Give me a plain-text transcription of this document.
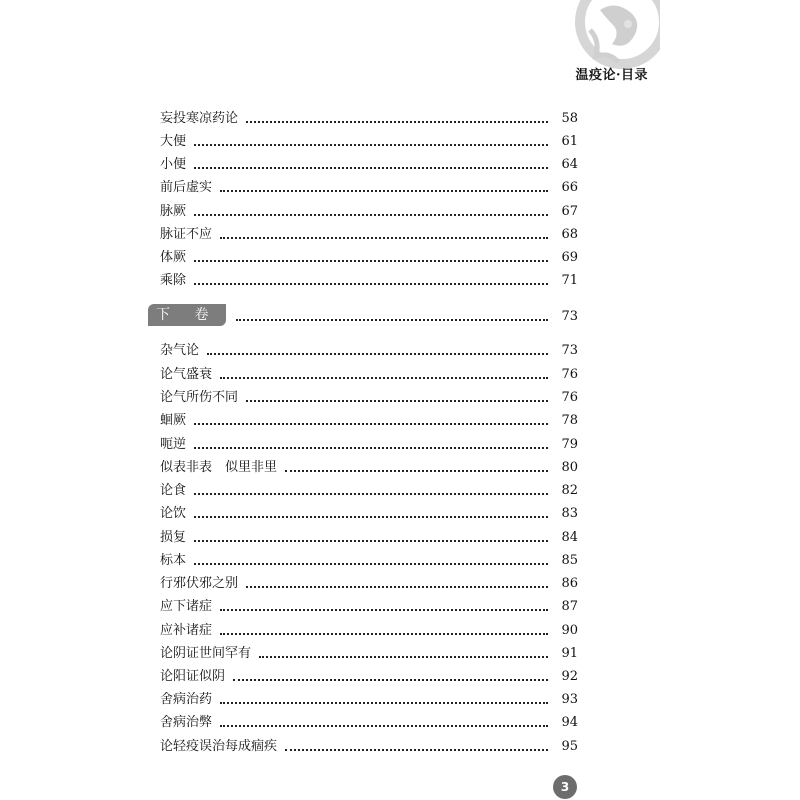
温疫论·目录
妄投寒凉药论	58
大便	61
小便	64
前后虚实	66
脉厥	67
脉证不应	68
体厥	69
乘除	71
下 卷	73
杂气论	73
论气盛衰	76
论气所伤不同	76
蛔厥	78
呃逆	79
似表非表　似里非里	80
论食	82
论饮	83
损复	84
标本	85
行邪伏邪之别	86
应下诸症	87
应补诸症	90
论阴证世间罕有	91
论阳证似阴	92
舍病治药	93
舍病治弊	94
论轻疫误治每成痼疾	95
3
